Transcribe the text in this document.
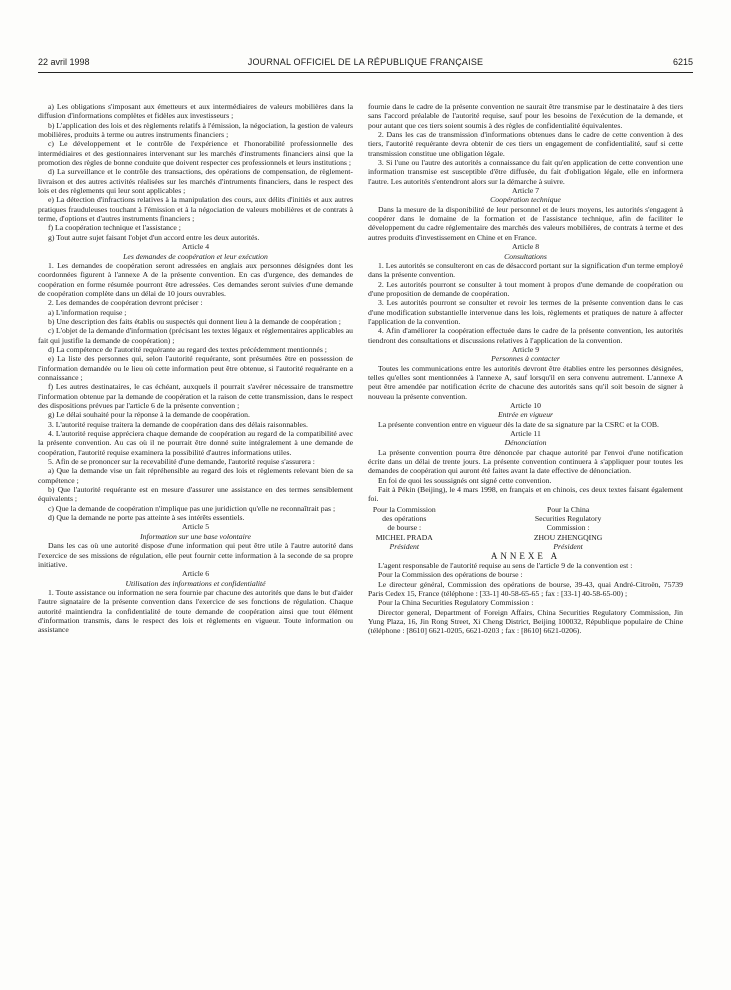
22 avril 1998	JOURNAL OFFICIEL DE LA RÉPUBLIQUE FRANÇAISE	6215

a) Les obligations s'imposant aux émetteurs et aux intermédiaires de valeurs mobilières dans la diffusion d'informations complètes et fidèles aux investisseurs ;

b) L'application des lois et des règlements relatifs à l'émission, la négociation, la gestion de valeurs mobilières, produits à terme ou autres instruments financiers ;

c) Le développement et le contrôle de l'expérience et l'honorabilité professionnelle des intermédiaires et des gestionnaires intervenant sur les marchés d'instruments financiers ainsi que la promotion des règles de bonne conduite que doivent respecter ces professionnels et leurs institutions ;

d) La surveillance et le contrôle des transactions, des opérations de compensation, de règlement-livraison et des autres activités réalisées sur les marchés d'intruments financiers, dans le respect des lois et des règlements qui leur sont applicables ;

e) La détection d'infractions relatives à la manipulation des cours, aux délits d'initiés et aux autres pratiques frauduleuses touchant à l'émission et à la négociation de valeurs mobilières et de contrats à terme, d'options et d'autres instruments financiers ;

f) La coopération technique et l'assistance ;

g) Tout autre sujet faisant l'objet d'un accord entre les deux autorités.

Article 4

Les demandes de coopération et leur exécution

1. Les demandes de coopération seront adressées en anglais aux personnes désignées dont les coordonnées figurent à l'annexe A de la présente convention. En cas d'urgence, des demandes de coopération en forme résumée pourront être adressées. Ces demandes seront suivies d'une demande de coopération complète dans un délai de 10 jours ouvrables.

2. Les demandes de coopération devront préciser :

a) L'information requise ;

b) Une description des faits établis ou suspectés qui donnent lieu à la demande de coopération ;

c) L'objet de la demande d'information (précisant les textes légaux et réglementaires applicables au fait qui justifie la demande de coopération) ;

d) La compétence de l'autorité requérante au regard des textes précédemment mentionnés ;

e) La liste des personnes qui, selon l'autorité requérante, sont présumées être en possession de l'information demandée ou le lieu où cette information peut être obtenue, si l'autorité requérante en a connaissance ;

f) Les autres destinataires, le cas échéant, auxquels il pourrait s'avérer nécessaire de transmettre l'information obtenue par la demande de coopération et la raison de cette transmission, dans le respect des dispositions prévues par l'article 6 de la présente convention ;

g) Le délai souhaité pour la réponse à la demande de coopération.

3. L'autorité requise traitera la demande de coopération dans des délais raisonnables.

4. L'autorité requise appréciera chaque demande de coopération au regard de la compatibilité avec la présente convention. Au cas où il ne pourrait être donné suite intégralement à une demande de coopération, l'autorité requise examinera la possibilité d'autres informations utiles.

5. Afin de se prononcer sur la recevabilité d'une demande, l'autorité requise s'assurera :

a) Que la demande vise un fait répréhensible au regard des lois et règlements relevant bien de sa compétence ;

b) Que l'autorité requérante est en mesure d'assurer une assistance en des termes sensiblement équivalents ;

c) Que la demande de coopération n'implique pas une juridiction qu'elle ne reconnaîtrait pas ;

d) Que la demande ne porte pas atteinte à ses intérêts essentiels.

Article 5

Information sur une base volontaire

Dans les cas où une autorité dispose d'une information qui peut être utile à l'autre autorité dans l'exercice de ses missions de régulation, elle peut fournir cette information à la seconde de sa propre initiative.

Article 6

Utilisation des informations et confidentialité

1. Toute assistance ou information ne sera fournie par chacune des autorités que dans le but d'aider l'autre signataire de la présente convention dans l'exercice de ses fonctions de régulation. Chaque autorité maintiendra la confidentialité de toute demande de coopération ainsi que tout élément d'information transmis, dans le respect des lois et règlements en vigueur. Toute information ou assistance

fournie dans le cadre de la présente convention ne saurait être transmise par le destinataire à des tiers sans l'accord préalable de l'autorité requise, sauf pour les besoins de l'exécution de la demande, et pour autant que ces tiers soient soumis à des règles de confidentialité équivalentes.

2. Dans les cas de transmission d'informations obtenues dans le cadre de cette convention à des tiers, l'autorité requérante devra obtenir de ces tiers un engagement de confidentialité, sauf si cette transmission constitue une obligation légale.

3. Si l'une ou l'autre des autorités a connaissance du fait qu'en application de cette convention une information transmise est susceptible d'être diffusée, du fait d'obligation légale, elle en informera l'autre. Les autorités s'entendront alors sur la démarche à suivre.

Article 7

Coopération technique

Dans la mesure de la disponibilité de leur personnel et de leurs moyens, les autorités s'engagent à coopérer dans le domaine de la formation et de l'assistance technique, afin de faciliter le développement du cadre réglementaire des marchés des valeurs mobilières, de contrats à terme et des autres produits d'investissement en Chine et en France.

Article 8

Consultations

1. Les autorités se consulteront en cas de désaccord portant sur la signification d'un terme employé dans la présente convention.

2. Les autorités pourront se consulter à tout moment à propos d'une demande de coopération ou d'une proposition de demande de coopération.

3. Les autorités pourront se consulter et revoir les termes de la présente convention dans le cas d'une modification substantielle intervenue dans les lois, règlements et pratiques de nature à affecter l'application de la convention.

4. Afin d'améliorer la coopération effectuée dans le cadre de la présente convention, les autorités tiendront des consultations et discussions relatives à l'application de la convention.

Article 9

Personnes à contacter

Toutes les communications entre les autorités devront être établies entre les personnes désignées, telles qu'elles sont mentionnées à l'annexe A, sauf lorsqu'il en sera convenu autrement. L'annexe A peut être amendée par notification écrite de chacune des autorités sans qu'il soit besoin de signer à nouveau la présente convention.

Article 10

Entrée en vigueur

La présente convention entre en vigueur dès la date de sa signature par la CSRC et la COB.

Article 11

Dénonciation

La présente convention pourra être dénoncée par chaque autorité par l'envoi d'une notification écrite dans un délai de trente jours. La présente convention continuera à s'appliquer pour toutes les demandes de coopération qui auront été faites avant la date effective de dénonciation.

En foi de quoi les soussignés ont signé cette convention.

Fait à Pékin (Beijing), le 4 mars 1998, en français et en chinois, ces deux textes faisant également foi.

Pour la Commission
des opérations
de bourse :
MICHEL PRADA
Président
Pour la China
Securities Regulatory
Commission :
ZHOU ZHENGQING
Président

ANNEXE A

L'agent responsable de l'autorité requise au sens de l'article 9 de la convention est :

Pour la Commission des opérations de bourse :

Le directeur général, Commission des opérations de bourse, 39-43, quai André-Citroën, 75739 Paris Cedex 15, France (téléphone : [33-1] 40-58-65-65 ; fax : [33-1] 40-58-65-00) ;

Pour la China Securities Regulatory Commission :

Director general, Department of Foreign Affairs, China Securities Regulatory Commission, Jin Yung Plaza, 16, Jin Rong Street, Xi Cheng District, Beijing 100032, République populaire de Chine (téléphone : [8610] 6621-0205, 6621-0203 ; fax : [8610] 6621-0206).
